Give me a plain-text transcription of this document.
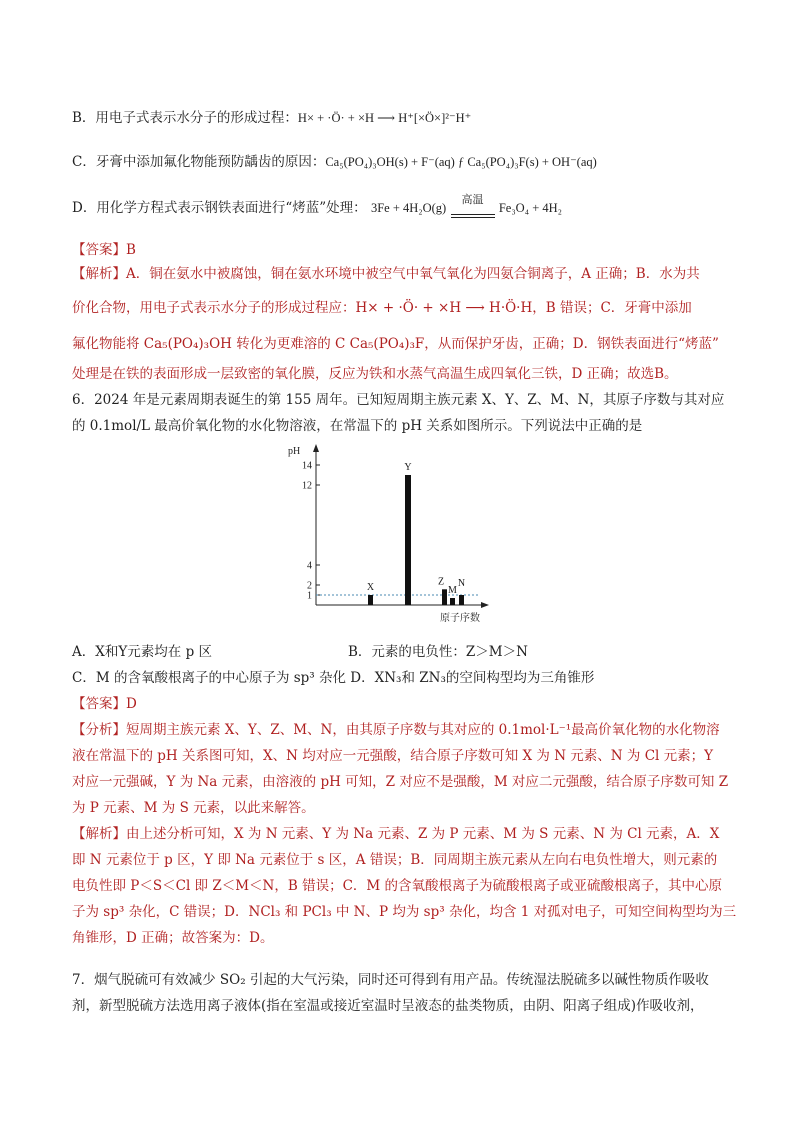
B．用电子式表示水分子的形成过程：H× + ·Ö· + ×H ⟶ H⁺[×Ö×]²⁻H⁺
C．牙膏中添加氟化物能预防龋齿的原因：Ca₅(PO₄)₃OH(s) + F⁻(aq) ƒ Ca₅(PO₄)₃F(s) + OH⁻(aq)
D．用化学方程式表示钢铁表面进行“烤蓝”处理： 3Fe + 4H₂O(g)
高温
Fe₃O₄ + 4H₂
【答案】B
【解析】A．铜在氨水中被腐蚀，铜在氨水环境中被空气中氧气氧化为四氨合铜离子，A 正确；B．水为共
价化合物，用电子式表示水分子的形成过程应：H× + ·Ö· + ×H ⟶ H·Ö·H，B 错误；C．牙膏中添加
氟化物能将 Ca₅(PO₄)₃OH 转化为更难溶的 C Ca₅(PO₄)₃F，从而保护牙齿，正确；D．钢铁表面进行“烤蓝”
处理是在铁的表面形成一层致密的氧化膜，反应为铁和水蒸气高温生成四氧化三铁，D 正确；故选B。
6．2024 年是元素周期表诞生的第 155 周年。已知短周期主族元素 X、Y、Z、M、N，其原子序数与其对应
的 0.1mol/L 最高价氧化物的水化物溶液，在常温下的 pH 关系如图所示。下列说法中正确的是
pH
原子序数
1
2
4
12
14
X
Y
Z
M
N
A．X和Y元素均在 p 区	B．元素的电负性：Z＞M＞N
C．M 的含氧酸根离子的中心原子为 sp³ 杂化 D．XN₃和 ZN₃的空间构型均为三角锥形
【答案】D
【分析】短周期主族元素 X、Y、Z、M、N，由其原子序数与其对应的 0.1mol·L⁻¹最高价氧化物的水化物溶
液在常温下的 pH 关系图可知，X、N 均对应一元强酸，结合原子序数可知 X 为 N 元素、N 为 Cl 元素；Y
对应一元强碱，Y 为 Na 元素，由溶液的 pH 可知，Z 对应不是强酸，M 对应二元强酸，结合原子序数可知 Z
为 P 元素、M 为 S 元素，以此来解答。
【解析】由上述分析可知，X 为 N 元素、Y 为 Na 元素、Z 为 P 元素、M 为 S 元素、N 为 Cl 元素，A．X
即 N 元素位于 p 区，Y 即 Na 元素位于 s 区，A 错误；B．同周期主族元素从左向右电负性增大，则元素的
电负性即 P＜S＜Cl 即 Z＜M＜N，B 错误；C．M 的含氧酸根离子为硫酸根离子或亚硫酸根离子，其中心原
子为 sp³ 杂化，C 错误；D．NCl₃ 和 PCl₃ 中 N、P 均为 sp³ 杂化，均含 1 对孤对电子，可知空间构型均为三
角锥形，D 正确；故答案为：D。
7．烟气脱硫可有效减少 SO₂ 引起的大气污染，同时还可得到有用产品。传统湿法脱硫多以碱性物质作吸收
剂，新型脱硫方法选用离子液体(指在室温或接近室温时呈液态的盐类物质，由阴、阳离子组成)作吸收剂，
